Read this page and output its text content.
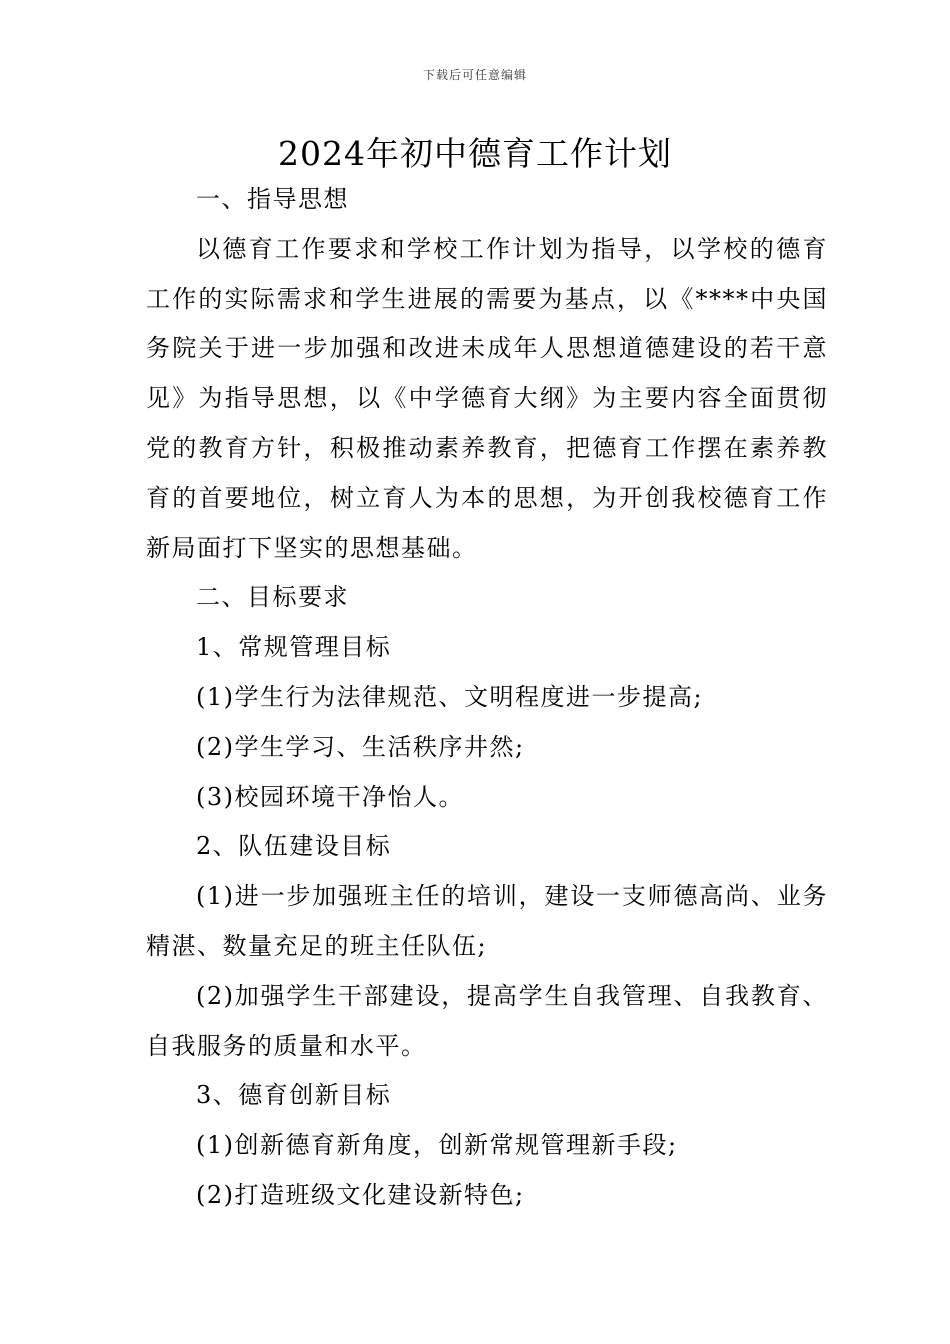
下载后可任意编辑
2024年初中德育工作计划

一、指导思想

以德育工作要求和学校工作计划为指导，以学校的德育工作的实际需求和学生进展的需要为基点，以《****中央国务院关于进一步加强和改进未成年人思想道德建设的若干意见》为指导思想，以《中学德育大纲》为主要内容全面贯彻党的教育方针，积极推动素养教育，把德育工作摆在素养教育的首要地位，树立育人为本的思想，为开创我校德育工作新局面打下坚实的思想基础。

二、目标要求

1、常规管理目标

(1)学生行为法律规范、文明程度进一步提高;

(2)学生学习、生活秩序井然;

(3)校园环境干净怡人。

2、队伍建设目标

(1)进一步加强班主任的培训，建设一支师德高尚、业务精湛、数量充足的班主任队伍;

(2)加强学生干部建设，提高学生自我管理、自我教育、自我服务的质量和水平。

3、德育创新目标

(1)创新德育新角度，创新常规管理新手段;

(2)打造班级文化建设新特色;
